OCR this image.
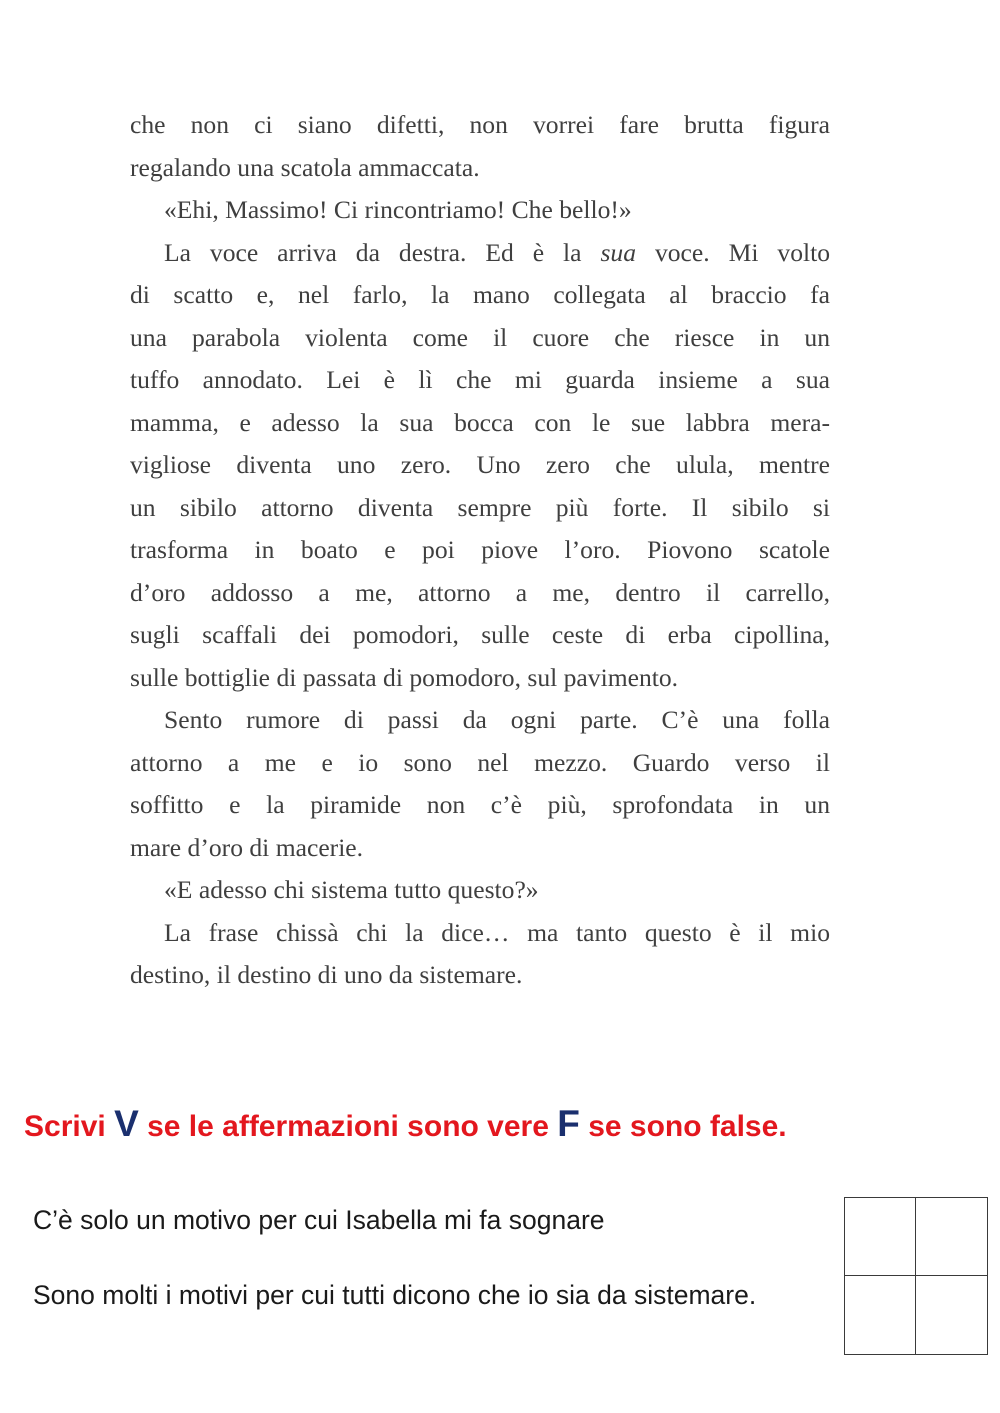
che non ci siano difetti, non vorrei fare brutta figura
regalando una scatola ammaccata.
«Ehi, Massimo! Ci rincontriamo! Che bello!»
La voce arriva da destra. Ed è la sua voce. Mi volto
di scatto e, nel farlo, la mano collegata al braccio fa
una parabola violenta come il cuore che riesce in un
tuffo annodato. Lei è lì che mi guarda insieme a sua
mamma, e adesso la sua bocca con le sue labbra mera-
vigliose diventa uno zero. Uno zero che ulula, mentre
un sibilo attorno diventa sempre più forte. Il sibilo si
trasforma in boato e poi piove l’oro. Piovono scatole
d’oro addosso a me, attorno a me, dentro il carrello,
sugli scaffali dei pomodori, sulle ceste di erba cipollina,
sulle bottiglie di passata di pomodoro, sul pavimento.
Sento rumore di passi da ogni parte. C’è una folla
attorno a me e io sono nel mezzo. Guardo verso il
soffitto e la piramide non c’è più, sprofondata in un
mare d’oro di macerie.
«E adesso chi sistema tutto questo?»
La frase chissà chi la dice… ma tanto questo è il mio
destino, il destino di uno da sistemare.
Scrivi V se le affermazioni sono vere F se sono false.
C’è solo un motivo per cui Isabella mi fa sognare
Sono molti i motivi per cui tutti dicono che io sia da sistemare.
